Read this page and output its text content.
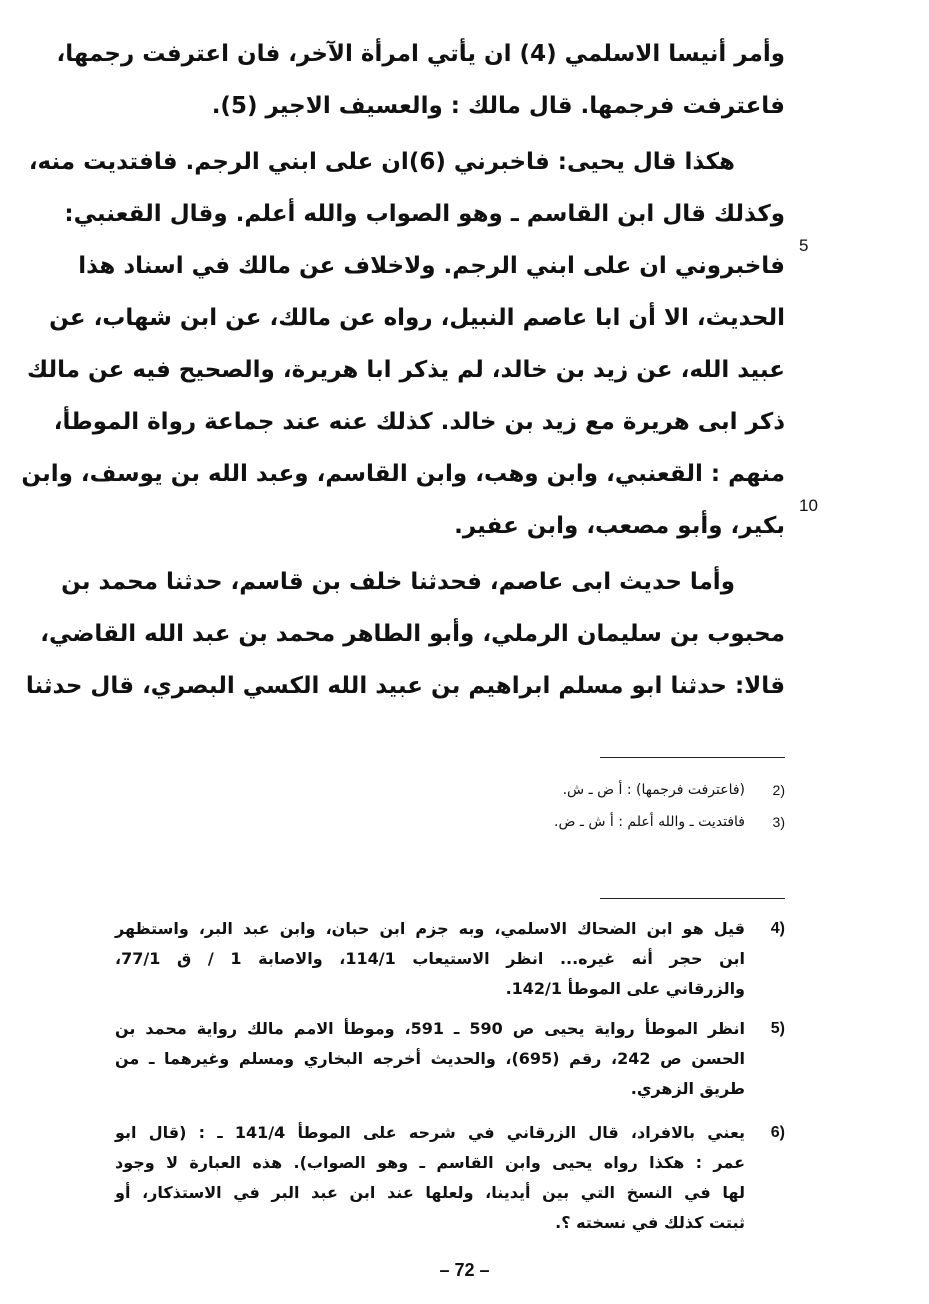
وأمر أنيسا الاسلمي (4) ان يأتي امرأة الآخر، فان اعترفت رجمها،
فاعترفت فرجمها. قال مالك : والعسيف الاجير (5).
هكذا قال يحيى: فاخبرني (6)ان على ابني الرجم. فافتديت منه،
وكذلك قال ابن القاسم ـ وهو الصواب والله أعلم. وقال القعنبي:
فاخبروني ان على ابني الرجم. ولاخلاف عن مالك في اسناد هذا
الحديث، الا أن ابا عاصم النبيل، رواه عن مالك، عن ابن شهاب، عن
عبيد الله، عن زيد بن خالد، لم يذكر ابا هريرة، والصحيح فيه عن مالك
ذكر ابى هريرة مع زيد بن خالد. كذلك عنه عند جماعة رواة الموطأ،
منهم : القعنبي، وابن وهب، وابن القاسم، وعبد الله بن يوسف، وابن
بكير، وأبو مصعب، وابن عفير.
وأما حديث ابى عاصم، فحدثنا خلف بن قاسم، حدثنا محمد بن
محبوب بن سليمان الرملي، وأبو الطاهر محمد بن عبد الله القاضي،
قالا: حدثنا ابو مسلم ابراهيم بن عبيد الله الكسي البصري، قال حدثنا
5
10
2)
(فاعترفت فرجمها) : أ ض ـ ش.
3)
فافتديت ـ والله أعلم : أ ش ـ ض.
4)
قيل هو ابن الضحاك الاسلمي، وبه جزم ابن حبان، وابن عبد البر، واستظهر
ابن حجر أنه غيره... انظر الاستيعاب 114/1، والاصابة 1 / ق 77/1،
والزرقاني على الموطأ 142/1.
5)
انظر الموطأ رواية يحيى ص 590 ـ 591، وموطأ الامم مالك رواية محمد بن
الحسن ص 242، رقم (695)، والحديث أخرجه البخاري ومسلم وغيرهما ـ من
طريق الزهري.
6)
يعني بالافراد، قال الزرقاني في شرحه على الموطأ 141/4 ـ : (قال ابو
عمر : هكذا رواه يحيى وابن القاسم ـ وهو الصواب). هذه العبارة لا وجود
لها في النسخ التي بين أيدينا، ولعلها عند ابن عبد البر في الاستذكار، أو
ثبتت كذلك في نسخته ؟.
– 72 –
